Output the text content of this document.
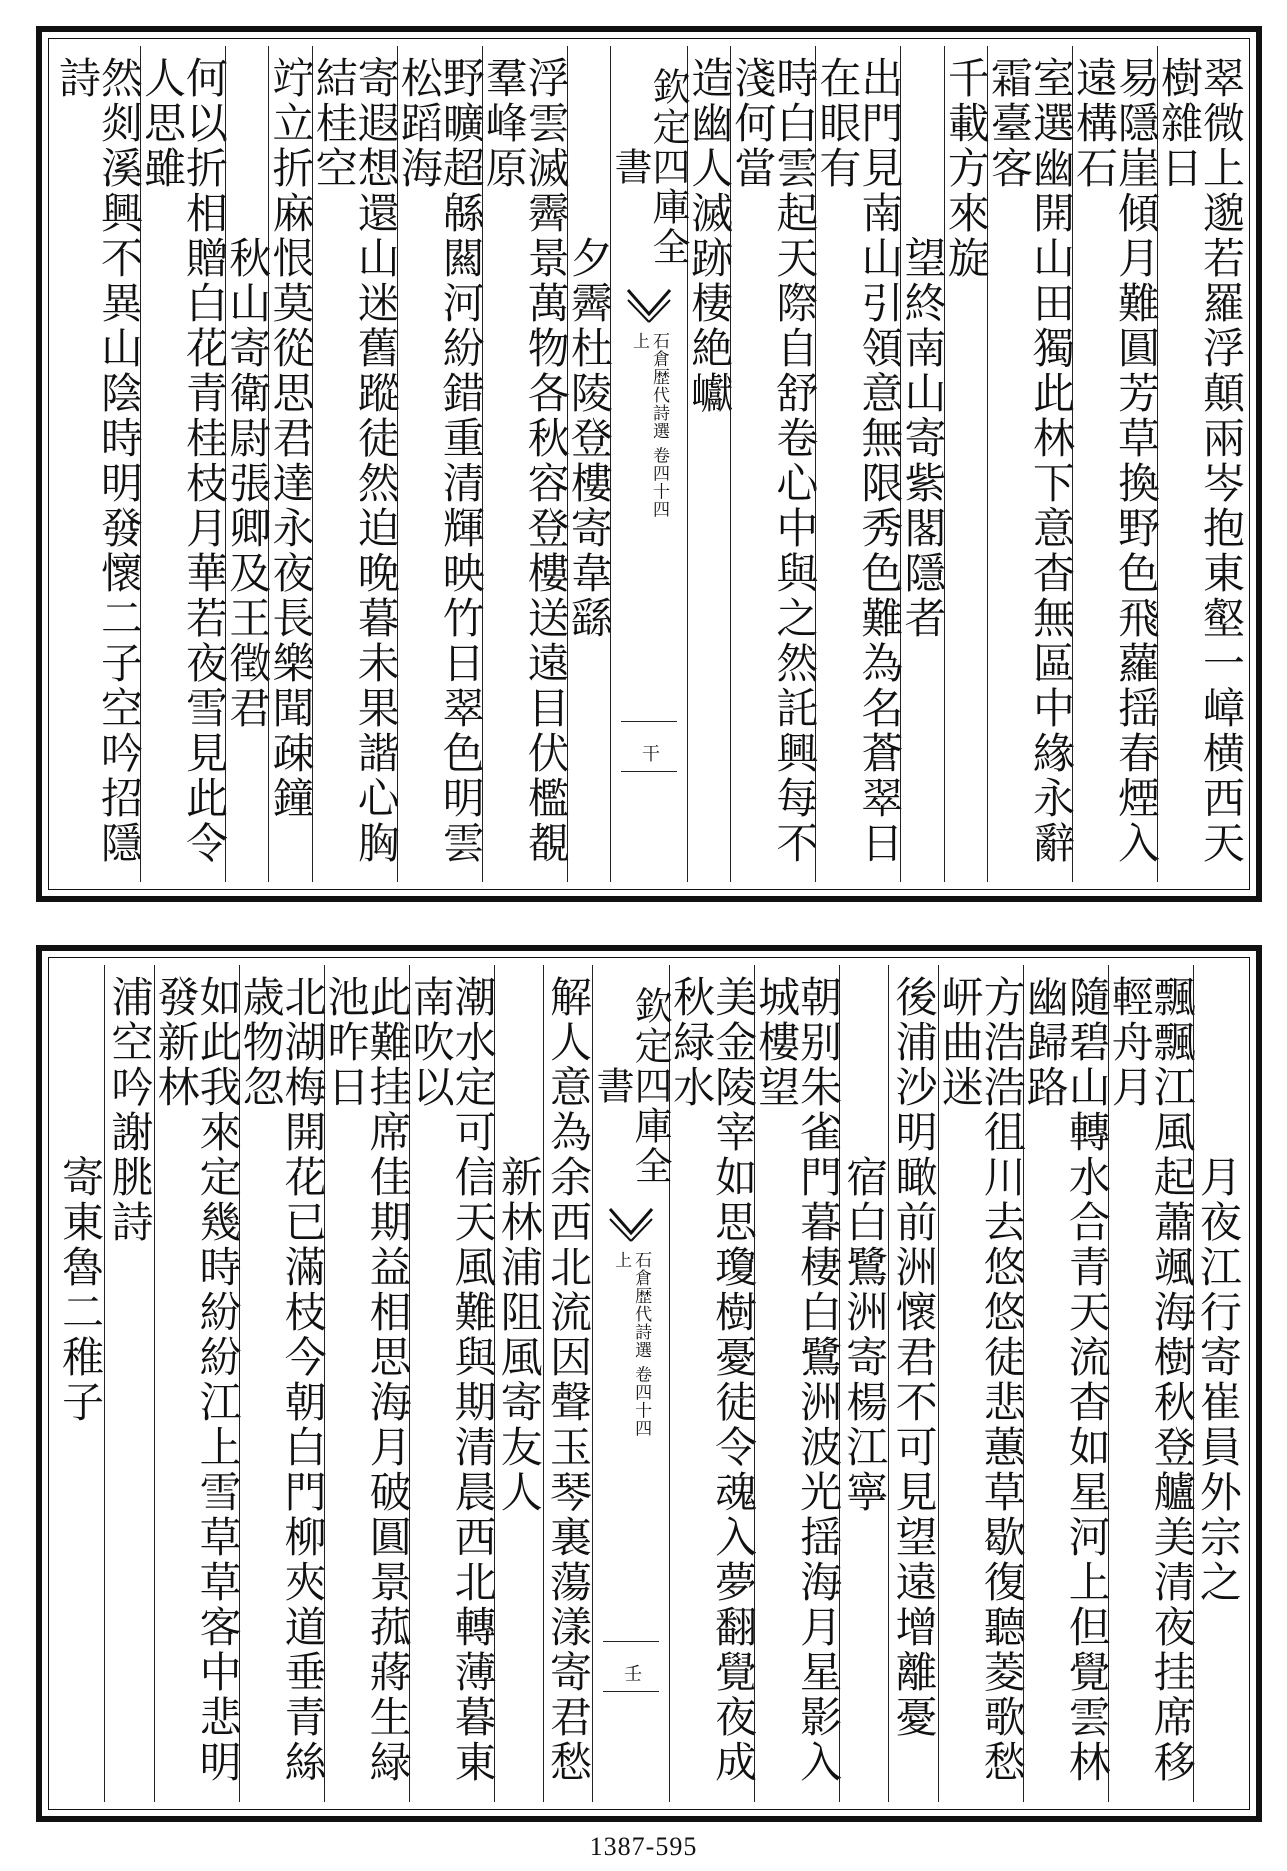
翠微上邈若羅浮顛兩岑抱東壑一嶂横西天樹雜日
易隱崖傾月難圓芳草換野色飛蘿揺春煙入遠構石
室選幽開山田獨此林下意杳無區中緣永辭霜臺客
千載方來旋
望終南山寄紫閣隱者
出門見南山引領意無限秀色難為名蒼翠日在眼有
時白雲起天際自舒卷心中與之然託興每不淺何當
造幽人滅跡棲絶巘
欽定四庫全書
石倉歴代詩選 卷四十四上
干
夕霽杜陵登樓寄韋繇
浮雲滅霽景萬物各秋容登樓送遠目伏檻覩羣峰原
野曠超緜闗河紛錯重清輝映竹日翠色明雲松蹈海
寄遐想還山迷舊蹤徒然迫晚暮未果諧心胸結桂空
竚立折麻恨莫從思君達永夜長樂聞疎鐘
秋山寄衛尉張卿及王徵君
何以折相贈白花青桂枝月華若夜雪見此令人思雖
然剡溪興不異山陰時明發懷二子空吟招隱詩
月夜江行寄崔員外宗之
飄飄江風起蕭颯海樹秋登艫美清夜挂席移輕舟月
隨碧山轉水合青天流杳如星河上但覺雲林幽歸路
方浩浩徂川去悠悠徒悲蕙草歇復聽菱歌愁岍曲迷
後浦沙明瞰前洲懷君不可見望遠增離憂
宿白鷺洲寄楊江寧
朝别朱雀門暮棲白鷺洲波光揺海月星影入城樓望
美金陵宰如思瓊樹憂徒令魂入夢翻覺夜成秋緑水
欽定四庫全書
石倉歴代詩選 卷四十四上
壬
解人意為余西北流因聲玉琴裏蕩漾寄君愁
新林浦阻風寄友人
潮水定可信天風難與期清晨西北轉薄暮東南吹以
此難挂席佳期益相思海月破圓景菰蔣生緑池昨日
北湖梅開花已滿枝今朝白門柳夾道垂青絲歳物忽
如此我來定幾時紛紛江上雪草草客中悲明發新林
浦空吟謝朓詩
寄東魯二稚子
1387-595
